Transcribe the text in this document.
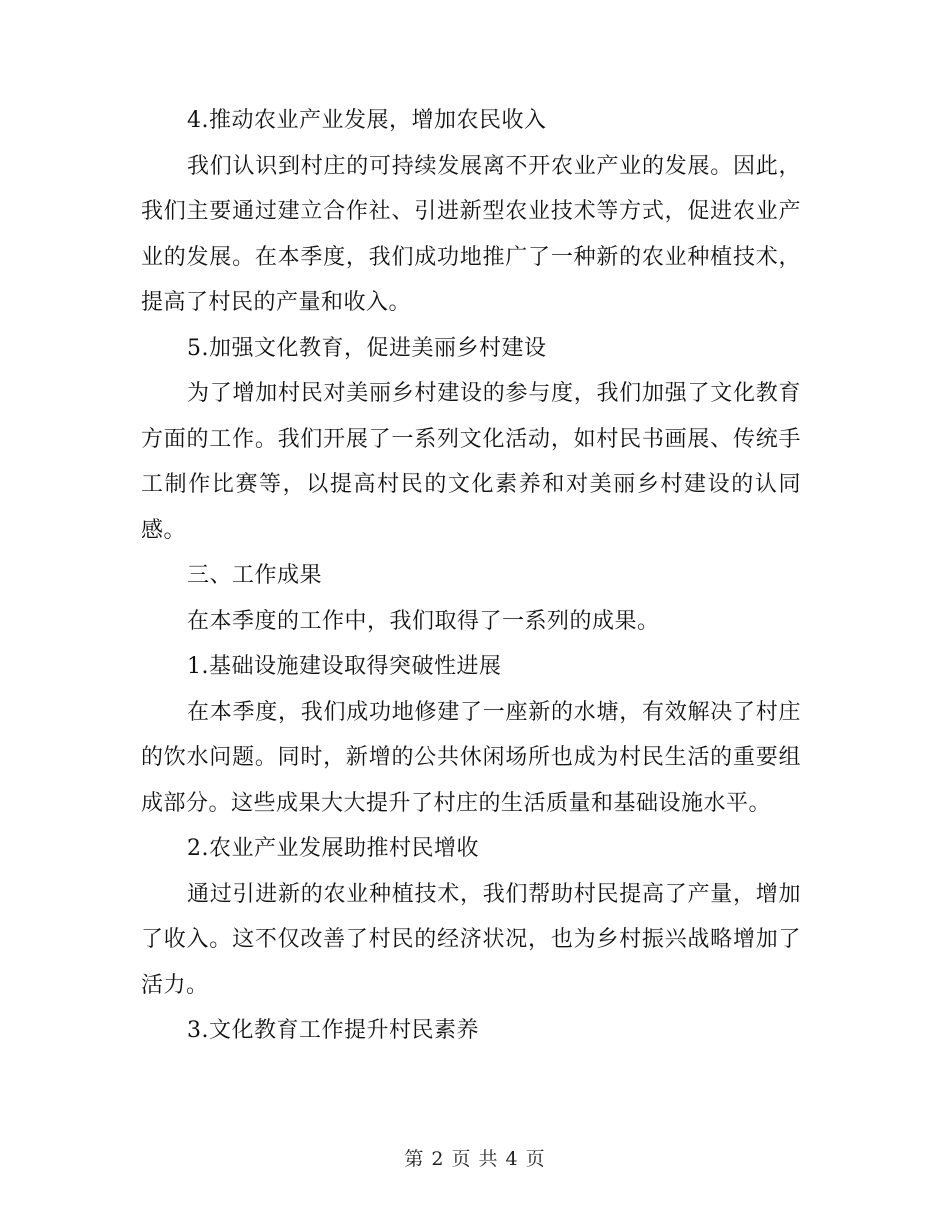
4.推动农业产业发展，增加农民收入

我们认识到村庄的可持续发展离不开农业产业的发展。因此，我们主要通过建立合作社、引进新型农业技术等方式，促进农业产业的发展。在本季度，我们成功地推广了一种新的农业种植技术，提高了村民的产量和收入。

5.加强文化教育，促进美丽乡村建设

为了增加村民对美丽乡村建设的参与度，我们加强了文化教育方面的工作。我们开展了一系列文化活动，如村民书画展、传统手工制作比赛等，以提高村民的文化素养和对美丽乡村建设的认同感。

三、工作成果

在本季度的工作中，我们取得了一系列的成果。

1.基础设施建设取得突破性进展

在本季度，我们成功地修建了一座新的水塘，有效解决了村庄的饮水问题。同时，新增的公共休闲场所也成为村民生活的重要组成部分。这些成果大大提升了村庄的生活质量和基础设施水平。

2.农业产业发展助推村民增收

通过引进新的农业种植技术，我们帮助村民提高了产量，增加了收入。这不仅改善了村民的经济状况，也为乡村振兴战略增加了活力。

3.文化教育工作提升村民素养

第 2 页 共 4 页
